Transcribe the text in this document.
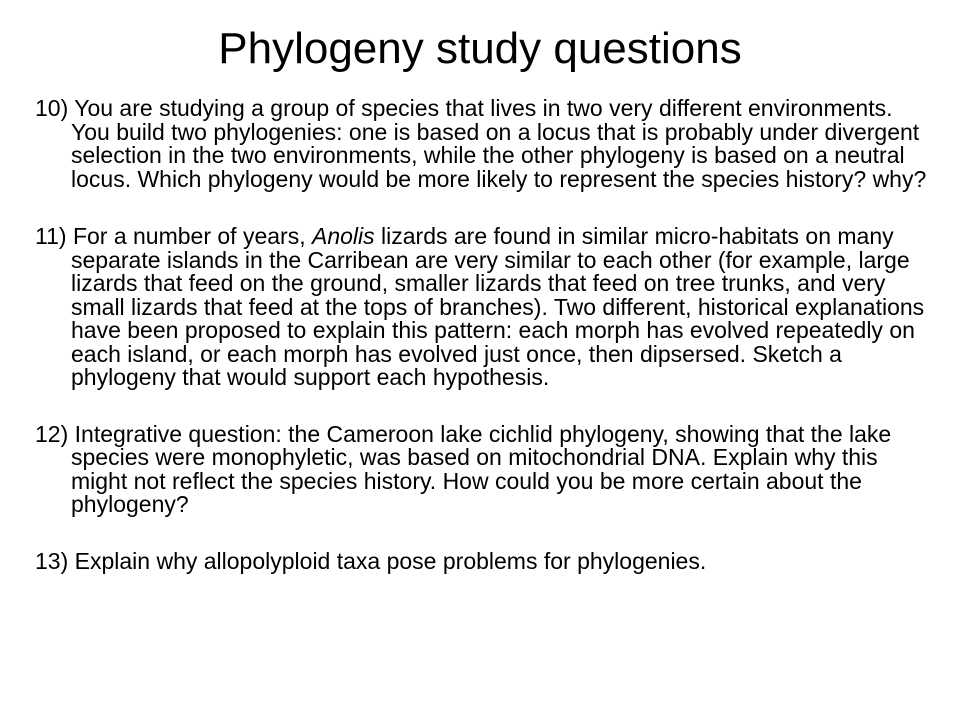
Phylogeny study questions

10) You are studying a group of species that lives in two very different environments. You build two phylogenies: one is based on a locus that is probably under divergent selection in the two environments, while the other phylogeny is based on a neutral locus. Which phylogeny would be more likely to represent the species history? why?

11) For a number of years, Anolis lizards are found in similar micro-habitats on many separate islands in the Carribean are very similar to each other (for example, large lizards that feed on the ground, smaller lizards that feed on tree trunks, and very small lizards that feed at the tops of branches). Two different, historical explanations have been proposed to explain this pattern: each morph has evolved repeatedly on each island, or each morph has evolved just once, then dipsersed. Sketch a phylogeny that would support each hypothesis.

12) Integrative question: the Cameroon lake cichlid phylogeny, showing that the lake species were monophyletic, was based on mitochondrial DNA. Explain why this might not reflect the species history. How could you be more certain about the phylogeny?

13) Explain why allopolyploid taxa pose problems for phylogenies.
